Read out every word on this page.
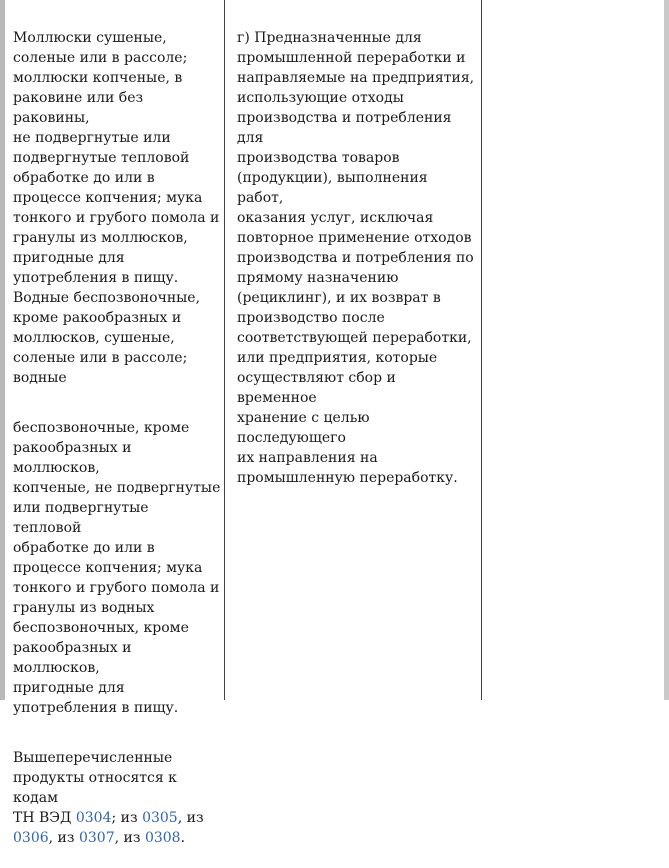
Моллюски сушеные,
соленые или в рассоле;
моллюски копченые, в
раковине или без раковины,
не подвергнутые или
подвергнутые тепловой
обработке до или в
процессе копчения; мука
тонкого и грубого помола и
гранулы из моллюсков,
пригодные для
употребления в пищу.
Водные беспозвоночные,
кроме ракообразных и
моллюсков, сушеные,
соленые или в рассоле;
водные

беспозвоночные, кроме
ракообразных и моллюсков,
копченые, не подвергнутые
или подвергнутые тепловой
обработке до или в
процессе копчения; мука
тонкого и грубого помола и
гранулы из водных
беспозвоночных, кроме
ракообразных и моллюсков,
пригодные для
употребления в пищу.

Вышеперечисленные
продукты относятся к кодам
ТН ВЭД 0304; из 0305, из
0306, из 0307, из 0308.

г) Предназначенные для
промышленной переработки и
направляемые на предприятия,
использующие отходы
производства и потребления для
производства товаров
(продукции), выполнения работ,
оказания услуг, исключая
повторное применение отходов
производства и потребления по
прямому назначению
(рециклинг), и их возврат в
производство после
соответствующей переработки,
или предприятия, которые
осуществляют сбор и временное
хранение с целью последующего
их направления на
промышленную переработку.
